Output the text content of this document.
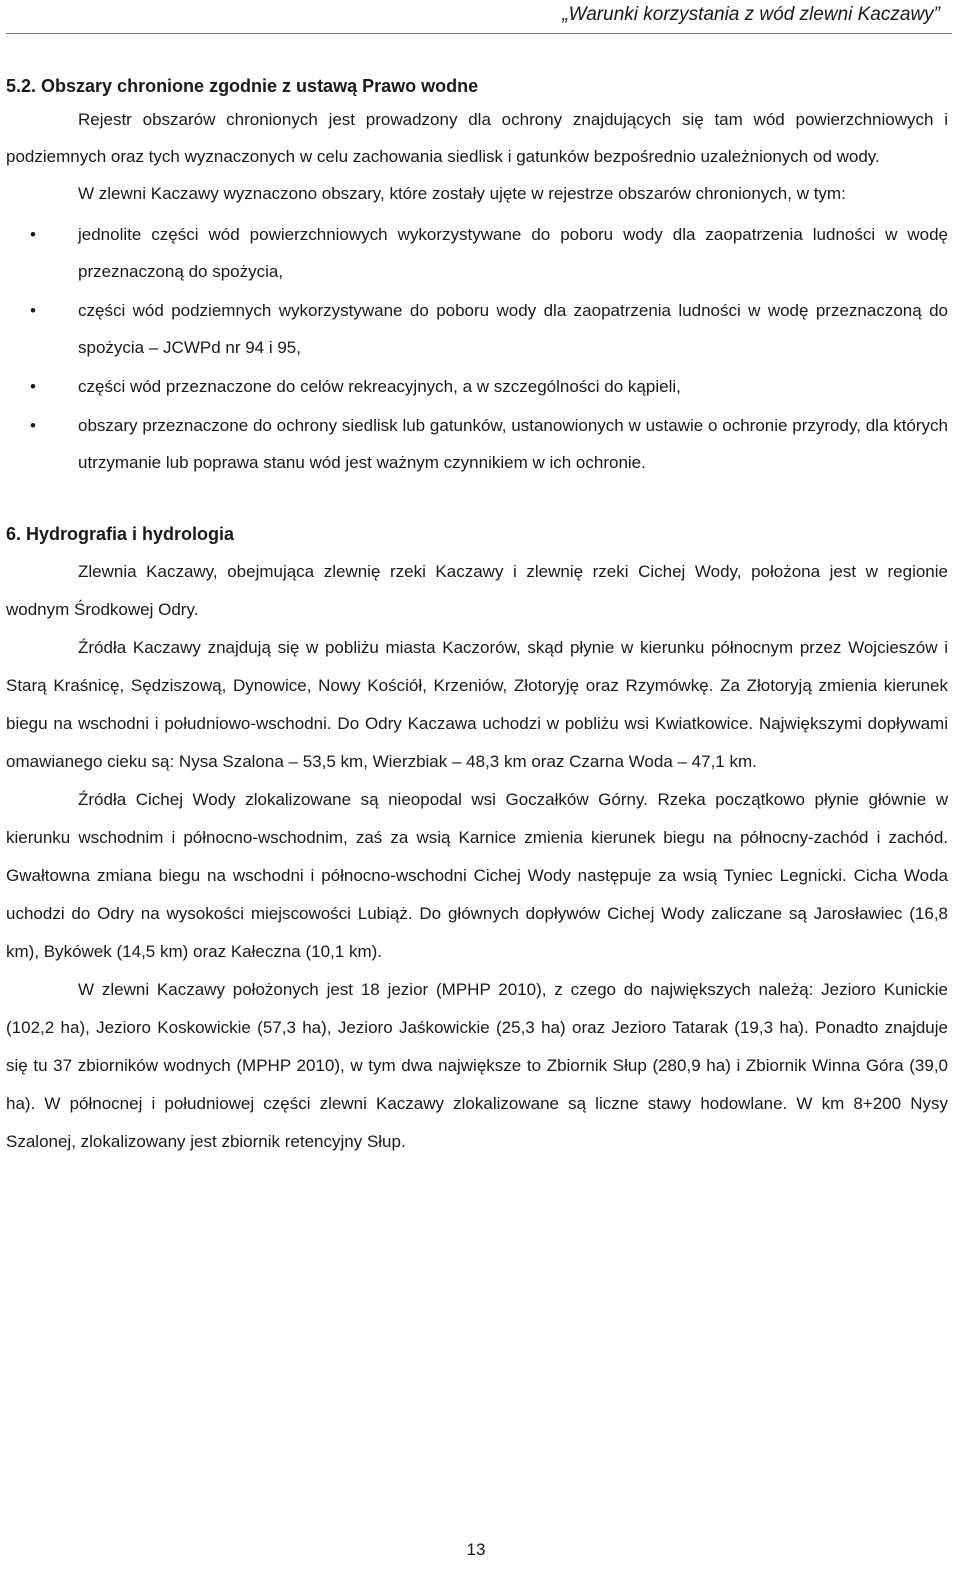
„Warunki korzystania z wód zlewni Kaczawy”
5.2. Obszary chronione zgodnie z ustawą Prawo wodne

Rejestr obszarów chronionych jest prowadzony dla ochrony znajdujących się tam wód powierzchniowych i podziemnych oraz tych wyznaczonych w celu zachowania siedlisk i gatunków bezpośrednio uzależnionych od wody.

W zlewni Kaczawy wyznaczono obszary, które zostały ujęte w rejestrze obszarów chronionych, w tym:

• jednolite części wód powierzchniowych wykorzystywane do poboru wody dla zaopatrzenia ludności w wodę przeznaczoną do spożycia,
• części wód podziemnych wykorzystywane do poboru wody dla zaopatrzenia ludności w wodę przeznaczoną do spożycia – JCWPd nr 94 i 95,
• części wód przeznaczone do celów rekreacyjnych, a w szczególności do kąpieli,
• obszary przeznaczone do ochrony siedlisk lub gatunków, ustanowionych w ustawie o ochronie przyrody, dla których utrzymanie lub poprawa stanu wód jest ważnym czynnikiem w ich ochronie.
6. Hydrografia i hydrologia

Zlewnia Kaczawy, obejmująca zlewnię rzeki Kaczawy i zlewnię rzeki Cichej Wody, położona jest w regionie wodnym Środkowej Odry.

Źródła Kaczawy znajdują się w pobliżu miasta Kaczorów, skąd płynie w kierunku północnym przez Wojcieszów i Starą Kraśnicę, Sędziszową, Dynowice, Nowy Kościół, Krzeniów, Złotoryję oraz Rzymówkę. Za Złotoryją zmienia kierunek biegu na wschodni i południowo-wschodni. Do Odry Kaczawa uchodzi w pobliżu wsi Kwiatkowice. Największymi dopływami omawianego cieku są: Nysa Szalona – 53,5 km, Wierzbiak – 48,3 km oraz Czarna Woda – 47,1 km.

Źródła Cichej Wody zlokalizowane są nieopodal wsi Goczałków Górny. Rzeka początkowo płynie głównie w kierunku wschodnim i północno-wschodnim, zaś za wsią Karnice zmienia kierunek biegu na północny-zachód i zachód. Gwałtowna zmiana biegu na wschodni i północno-wschodni Cichej Wody następuje za wsią Tyniec Legnicki. Cicha Woda uchodzi do Odry na wysokości miejscowości Lubiąż. Do głównych dopływów Cichej Wody zaliczane są Jarosławiec (16,8 km), Bykówek (14,5 km) oraz Kałeczna (10,1 km).

W zlewni Kaczawy położonych jest 18 jezior (MPHP 2010), z czego do największych należą: Jezioro Kunickie (102,2 ha), Jezioro Koskowickie (57,3 ha), Jezioro Jaśkowickie (25,3 ha) oraz Jezioro Tatarak (19,3 ha). Ponadto znajduje się tu 37 zbiorników wodnych (MPHP 2010), w tym dwa największe to Zbiornik Słup (280,9 ha) i Zbiornik Winna Góra (39,0 ha). W północnej i południowej części zlewni Kaczawy zlokalizowane są liczne stawy hodowlane. W km 8+200 Nysy Szalonej, zlokalizowany jest zbiornik retencyjny Słup.

13
